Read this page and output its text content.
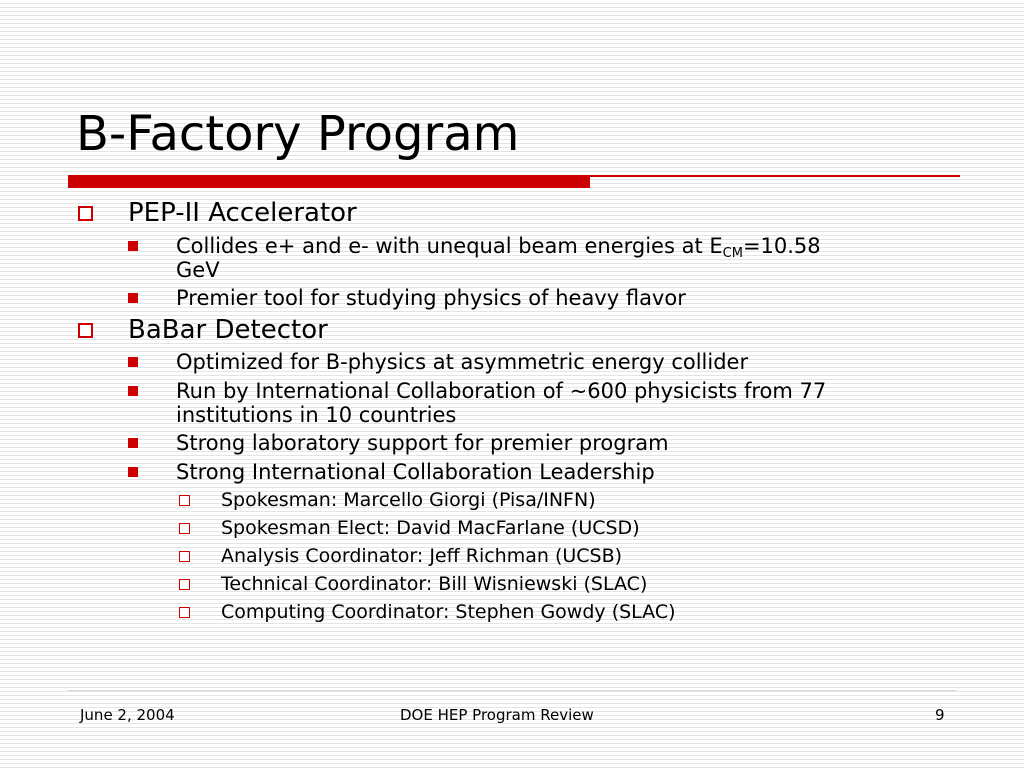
B-Factory Program
PEP-II Accelerator
Collides e+ and e- with unequal beam energies at $E_{CM}=10.58$
GeV
Premier tool for studying physics of heavy flavor
BaBar Detector
Optimized for B-physics at asymmetric energy collider
Run by International Collaboration of ~600 physicists from 77
institutions in 10 countries
Strong laboratory support for premier program
Strong International Collaboration Leadership
Spokesman: Marcello Giorgi (Pisa/INFN)
Spokesman Elect: David MacFarlane (UCSD)
Analysis Coordinator: Jeff Richman (UCSB)
Technical Coordinator: Bill Wisniewski (SLAC)
Computing Coordinator: Stephen Gowdy (SLAC)
June 2, 2004	DOE HEP Program Review	9
